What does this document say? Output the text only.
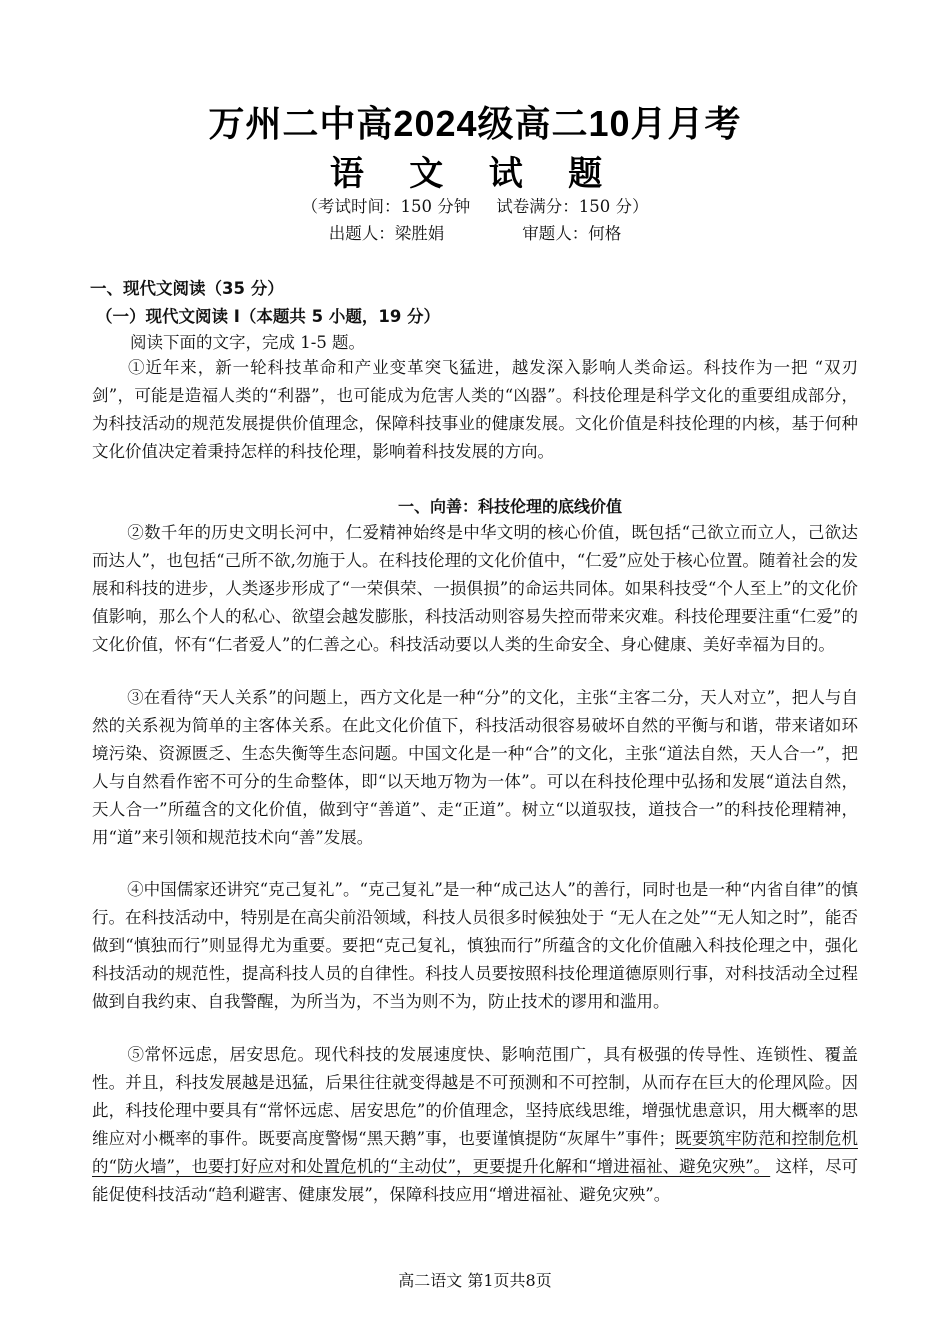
万州二中高2024级高二10月月考
语 文 试 题
（考试时间：150 分钟 试卷满分：150 分）
出题人：梁胜娟	审题人：何格
一、现代文阅读（35 分）
（一）现代文阅读 I（本题共 5 小题，19 分）
阅读下面的文字，完成 1-5 题。
①近年来，新一轮科技革命和产业变革突飞猛进，越发深入影响人类命运。科技作为一把 “双刃剑”，可能是造福人类的“利器”，也可能成为危害人类的“凶器”。科技伦理是科学文化的重要组成部分，为科技活动的规范发展提供价值理念，保障科技事业的健康发展。文化价值是科技伦理的内核，基于何种文化价值决定着秉持怎样的科技伦理，影响着科技发展的方向。
一、向善：科技伦理的底线价值
②数千年的历史文明长河中，仁爱精神始终是中华文明的核心价值，既包括“己欲立而立人，己欲达而达人”，也包括“己所不欲,勿施于人。在科技伦理的文化价值中，“仁爱”应处于核心位置。随着社会的发展和科技的进步，人类逐步形成了“一荣俱荣、一损俱损”的命运共同体。如果科技受“个人至上”的文化价值影响，那么个人的私心、欲望会越发膨胀，科技活动则容易失控而带来灾难。科技伦理要注重“仁爱”的文化价值，怀有“仁者爱人”的仁善之心。科技活动要以人类的生命安全、身心健康、美好幸福为目的。
③在看待“天人关系”的问题上，西方文化是一种“分”的文化，主张“主客二分，天人对立”，把人与自然的关系视为简单的主客体关系。在此文化价值下，科技活动很容易破坏自然的平衡与和谐，带来诸如环境污染、资源匮乏、生态失衡等生态问题。中国文化是一种“合”的文化，主张“道法自然，天人合一”，把人与自然看作密不可分的生命整体，即“以天地万物为一体”。可以在科技伦理中弘扬和发展“道法自然，天人合一”所蕴含的文化价值，做到守“善道”、走“正道”。树立“以道驭技，道技合一”的科技伦理精神，用“道”来引领和规范技术向“善”发展。
④中国儒家还讲究“克己复礼”。“克己复礼”是一种“成己达人”的善行，同时也是一种“内省自律”的慎行。在科技活动中，特别是在高尖前沿领域，科技人员很多时候独处于 “无人在之处”“无人知之时”，能否做到“慎独而行”则显得尤为重要。要把“克己复礼，慎独而行”所蕴含的文化价值融入科技伦理之中，强化科技活动的规范性，提高科技人员的自律性。科技人员要按照科技伦理道德原则行事，对科技活动全过程做到自我约束、自我警醒，为所当为，不当为则不为，防止技术的谬用和滥用。
⑤常怀远虑，居安思危。现代科技的发展速度快、影响范围广，具有极强的传导性、连锁性、覆盖性。并且，科技发展越是迅猛，后果往往就变得越是不可预测和不可控制，从而存在巨大的伦理风险。因此，科技伦理中要具有“常怀远虑、居安思危”的价值理念，坚持底线思维，增强忧患意识，用大概率的思维应对小概率的事件。既要高度警惕“黑天鹅”事，也要谨慎提防“灰犀牛”事件；既要筑牢防范和控制危机的“防火墙”，也要打好应对和处置危机的“主动仗”，更要提升化解和“增进福祉、避免灾殃”。 这样，尽可能促使科技活动“趋利避害、健康发展”，保障科技应用“增进福祉、避免灾殃”。
高二语文 第1页共8页
